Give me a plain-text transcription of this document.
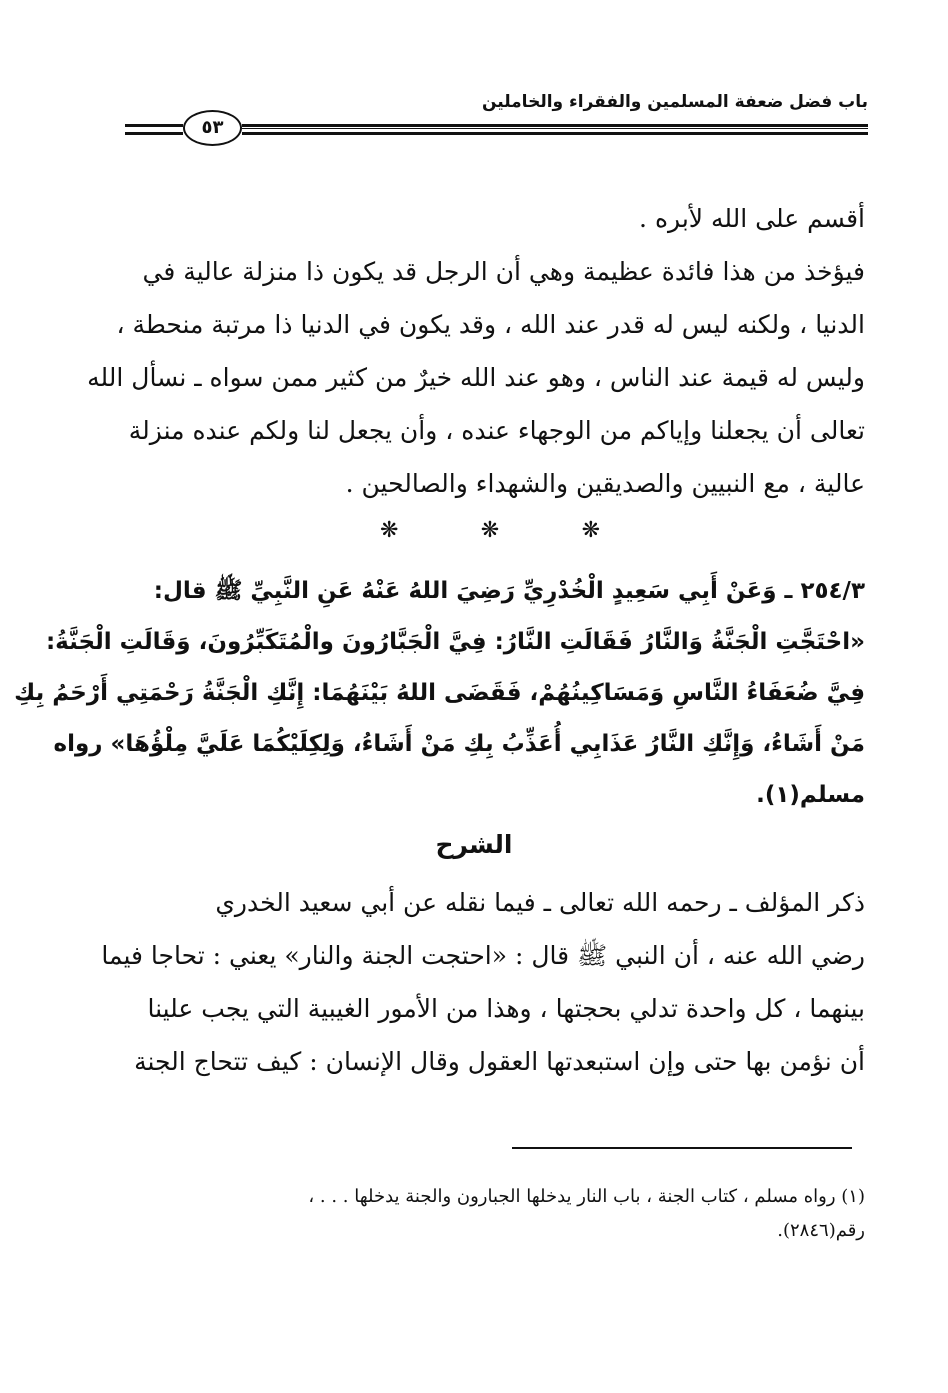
باب فضل ضعفة المسلمين والفقراء والخاملين
٥٣
أقسم على الله لأبره .
فيؤخذ من هذا فائدة عظيمة وهي أن الرجل قد يكون ذا منزلة عالية في
الدنيا ، ولكنه ليس له قدر عند الله ، وقد يكون في الدنيا ذا مرتبة منحطة ،
وليس له قيمة عند الناس ، وهو عند الله خيرٌ من كثير ممن سواه ـ نسأل الله
تعالى أن يجعلنا وإياكم من الوجهاء عنده ، وأن يجعل لنا ولكم عنده منزلة
عالية ، مع النبيين والصديقين والشهداء والصالحين .
❋	❋	❋
٢٥٤/٣ ـ وَعَنْ أَبِي سَعِيدٍ الْخُدْرِيِّ رَضِيَ اللهُ عَنْهُ عَنِ النَّبِيِّ ﷺ قال:
«احْتَجَّتِ الْجَنَّةُ وَالنَّارُ فَقَالَتِ النَّارُ: فِيَّ الْجَبَّارُونَ والْمُتَكَبِّرُونَ، وَقَالَتِ الْجَنَّةُ:
فِيَّ ضُعَفَاءُ النَّاسِ وَمَسَاكِينُهُمْ، فَقَضَى اللهُ بَيْنَهُمَا: إِنَّكِ الْجَنَّةُ رَحْمَتِي أَرْحَمُ بِكِ
مَنْ أَشَاءُ، وَإِنَّكِ النَّارُ عَذَابِي أُعَذِّبُ بِكِ مَنْ أَشَاءُ، وَلِكِلَيْكُمَا عَلَيَّ مِلْؤُهَا» رواه
مسلم(١).
الشرح
ذكر المؤلف ـ رحمه الله تعالى ـ فيما نقله عن أبي سعيد الخدري
رضي الله عنه ، أن النبي ﷺ قال : «احتجت الجنة والنار» يعني : تحاجا فيما
بينهما ، كل واحدة تدلي بحجتها ، وهذا من الأمور الغيبية التي يجب علينا
أن نؤمن بها حتى وإن استبعدتها العقول وقال الإنسان : كيف تتحاج الجنة
(١) رواه مسلم ، كتاب الجنة ، باب النار يدخلها الجبارون والجنة يدخلها . . . ،
رقم(٢٨٤٦).
